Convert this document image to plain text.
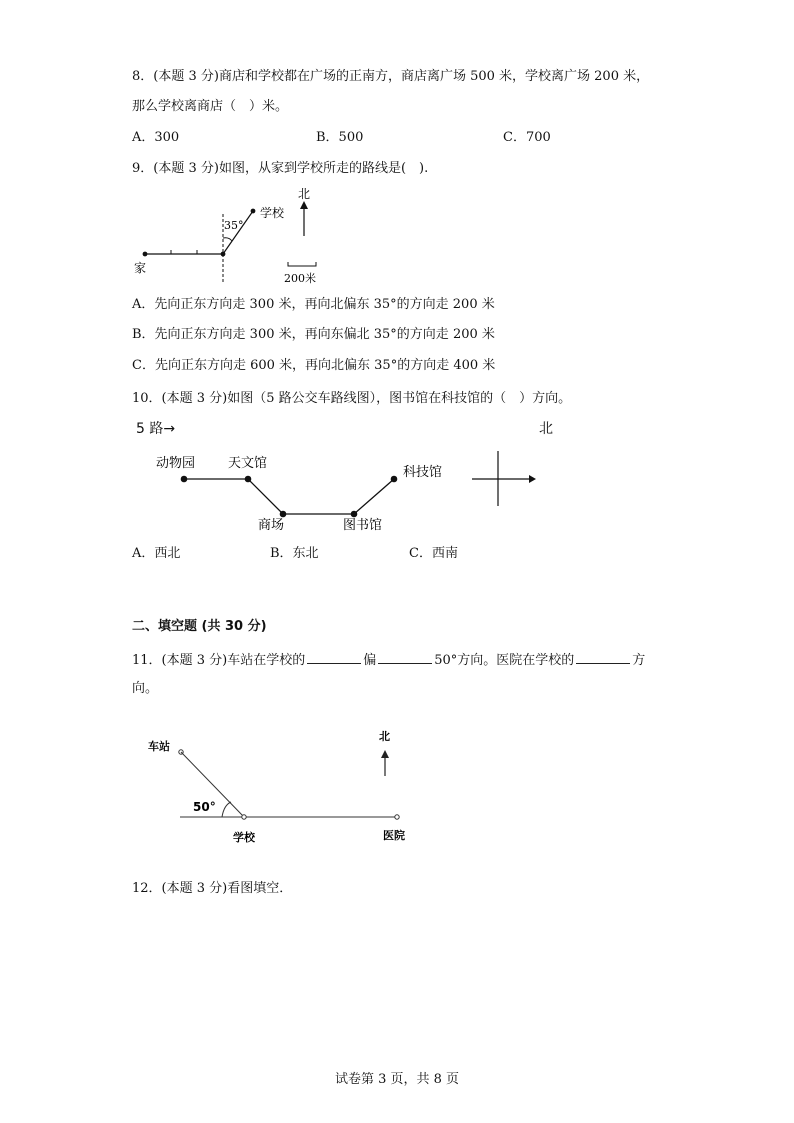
8．(本题 3 分)商店和学校都在广场的正南方，商店离广场 500 米，学校离广场 200 米，
那么学校离商店（　）米。
A．300	B．500	C．700
9．(本题 3 分)如图，从家到学校所走的路线是(　).
35°
学校
家
北
200米
A．先向正东方向走 300 米，再向北偏东 35°的方向走 200 米
B．先向正东方向走 300 米，再向东偏北 35°的方向走 200 米
C．先向正东方向走 600 米，再向北偏东 35°的方向走 400 米
10．(本题 3 分)如图（5 路公交车路线图），图书馆在科技馆的（　）方向。
5 路→	北
动物园	天文馆
商场	图书馆
科技馆
A．西北	B．东北	C．西南
二、填空题 (共 30 分)
11．(本题 3 分)车站在学校的	偏	50°方向。医院在学校的	方
向。
车站
50°
学校	医院
北
12．(本题 3 分)看图填空．
试卷第 3 页，共 8 页
